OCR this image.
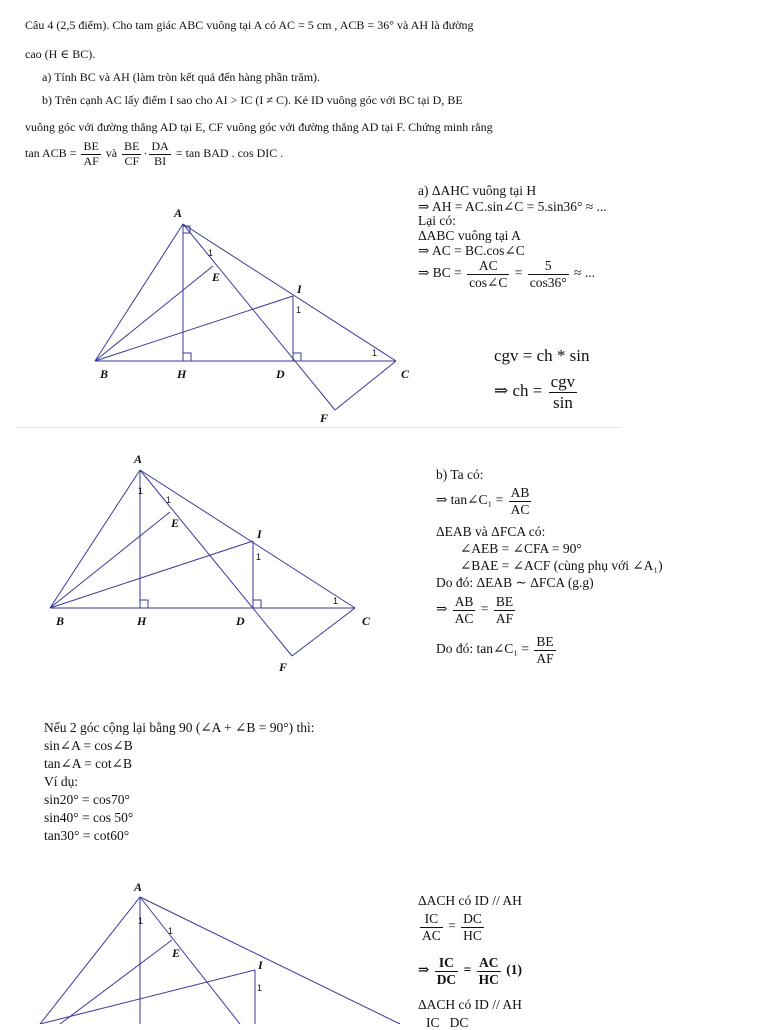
Câu 4 (2,5 điểm). Cho tam giác ABC vuông tại A có AC = 5 cm , ACB = 36° và AH là đường
cao (H ∈ BC).
a) Tính BC và AH (làm tròn kết quả đến hàng phần trăm).
b) Trên cạnh AC lấy điểm I sao cho AI > IC (I ≠ C). Kẻ ID vuông góc với BC tại D, BE
vuông góc với đường thẳng AD tại E, CF vuông góc với đường thẳng AD tại F. Chứng minh rằng
tan ACB = $\frac{BE}{AF}$ và $\frac{BE}{CF} \cdot \frac{DA}{BI} = \tan$ BAD . cos DIC .
A
B	H	D	C
E
I
F
1
1
1
a) ΔAHC vuông tại H
⇒ AH = AC.sin∠C = 5.sin36° ≈ ...
Lại có:
ΔABC vuông tại A
⇒ AC = BC.cos∠C
⇒ BC = $\frac{AC}{\cos\angle C} = \frac{5}{\cos 36^\circ}$ ≈ ...
cgv = ch * sin
⇒ ch = $\frac{\text{cgv}}{\sin}$
A
B	H	D	C
E
I
F
1
1
1
1
b) Ta có:
⇒ tan∠C₁ = $\frac{AB}{AC}$
ΔEAB và ΔFCA có:
∠AEB = ∠CFA = 90°
∠BAE = ∠ACF (cùng phụ với ∠A₁)
Do đó: ΔEAB ∼ ΔFCA (g.g)
⇒ $\frac{AB}{AC} = \frac{BE}{AF}$
Do đó: tan∠C₁ = $\frac{BE}{AF}$
Nếu 2 góc cộng lại bằng 90 (∠A + ∠B = 90°) thì:
sin∠A = cos∠B
tan∠A = cot∠B
Ví dụ:
sin20° = cos70°
sin40° = cos 50°
tan30° = cot60°
A
E
I
1
1
1
ΔACH có ID // AH
$\frac{IC}{AC} = \frac{DC}{HC}$
⇒ $\frac{IC}{DC} = \frac{AC}{HC} (1)$
ΔACH có ID // AH
IC DC
